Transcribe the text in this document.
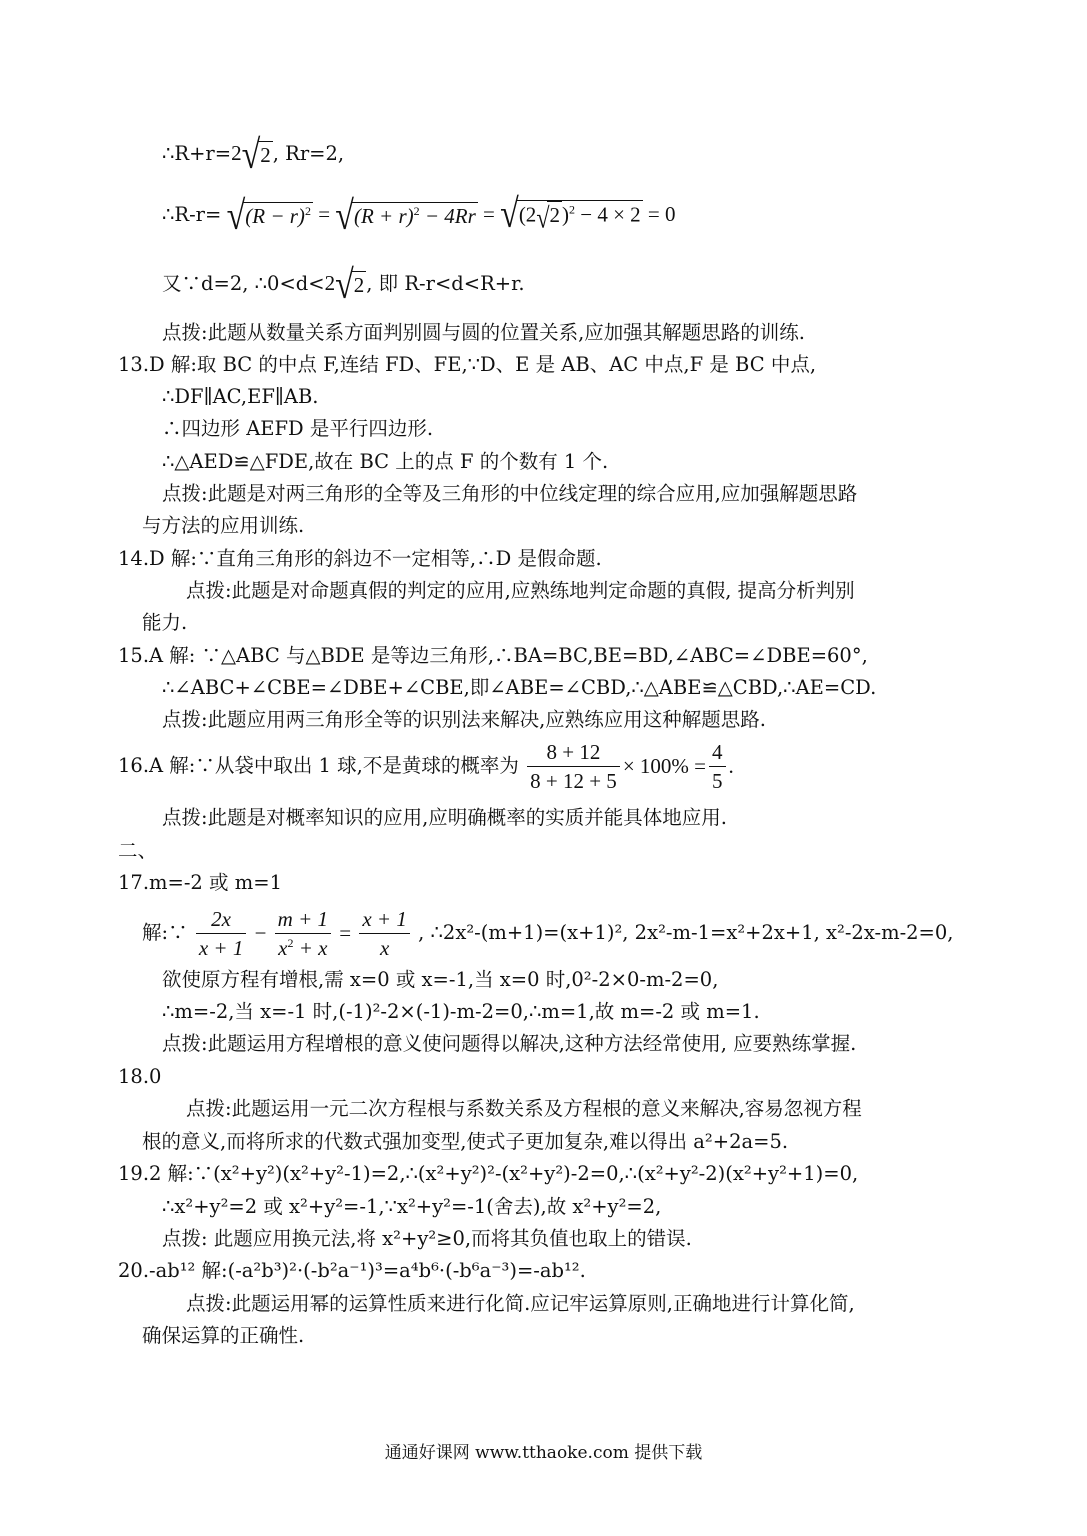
∴R+r=2√2 , Rr=2,
∴R-r= $√(R - r)^2 = √(R + r)^2 - 4Rr = √(2√2)^2 - 4 \times 2 = 0$
又∵d=2, ∴0<d<2√2 , 即 R-r<d<R+r.
点拨:此题从数量关系方面判别圆与圆的位置关系,应加强其解题思路的训练.
13.D 解:取 BC 的中点 F,连结 FD、FE,∵D、E 是 AB、AC 中点,F 是 BC 中点,
∴DF∥AC,EF∥AB.
∴四边形 AEFD 是平行四边形.
∴△AED≌△FDE,故在 BC 上的点 F 的个数有 1 个.
点拨:此题是对两三角形的全等及三角形的中位线定理的综合应用,应加强解题思路
与方法的应用训练.
14.D 解:∵直角三角形的斜边不一定相等,∴D 是假命题.
点拨:此题是对命题真假的判定的应用,应熟练地判定命题的真假, 提高分析判别
能力.
15.A 解: ∵△ABC 与△BDE 是等边三角形,∴BA=BC,BE=BD,∠ABC=∠DBE=60°,
∴∠ABC+∠CBE=∠DBE+∠CBE,即∠ABE=∠CBD,∴△ABE≌△CBD,∴AE=CD.
点拨:此题应用两三角形全等的识别法来解决,应熟练应用这种解题思路.
16.A 解:∵从袋中取出 1 球,不是黄球的概率为 $\frac{8 + 12}{8 + 12 + 5} \times 100\% = \frac{4}{5}$ .
点拨:此题是对概率知识的应用,应明确概率的实质并能具体地应用.
二、
17.m=-2 或 m=1
解:∵ $\frac{2x}{x + 1} - \frac{m + 1}{x^2 + x} = \frac{x + 1}{x}$ , ∴2x²-(m+1)=(x+1)², 2x²-m-1=x²+2x+1, x²-2x-m-2=0,
欲使原方程有增根,需 x=0 或 x=-1,当 x=0 时,0²-2×0-m-2=0,
∴m=-2,当 x=-1 时,(-1)²-2×(-1)-m-2=0,∴m=1,故 m=-2 或 m=1.
点拨:此题运用方程增根的意义使问题得以解决,这种方法经常使用, 应要熟练掌握.
18.0
点拨:此题运用一元二次方程根与系数关系及方程根的意义来解决,容易忽视方程
根的意义,而将所求的代数式强加变型,使式子更加复杂,难以得出 a²+2a=5.
19.2 解:∵(x²+y²)(x²+y²-1)=2,∴(x²+y²)²-(x²+y²)-2=0,∴(x²+y²-2)(x²+y²+1)=0,
∴x²+y²=2 或 x²+y²=-1,∵x²+y²=-1(舍去),故 x²+y²=2,
点拨: 此题应用换元法,将 x²+y²≥0,而将其负值也取上的错误.
20.-ab¹² 解:(-a²b³)²·(-b²a⁻¹)³=a⁴b⁶·(-b⁶a⁻³)=-ab¹².
点拨:此题运用幂的运算性质来进行化简.应记牢运算原则,正确地进行计算化简,
确保运算的正确性.
通通好课网 www.tthaoke.com 提供下载
